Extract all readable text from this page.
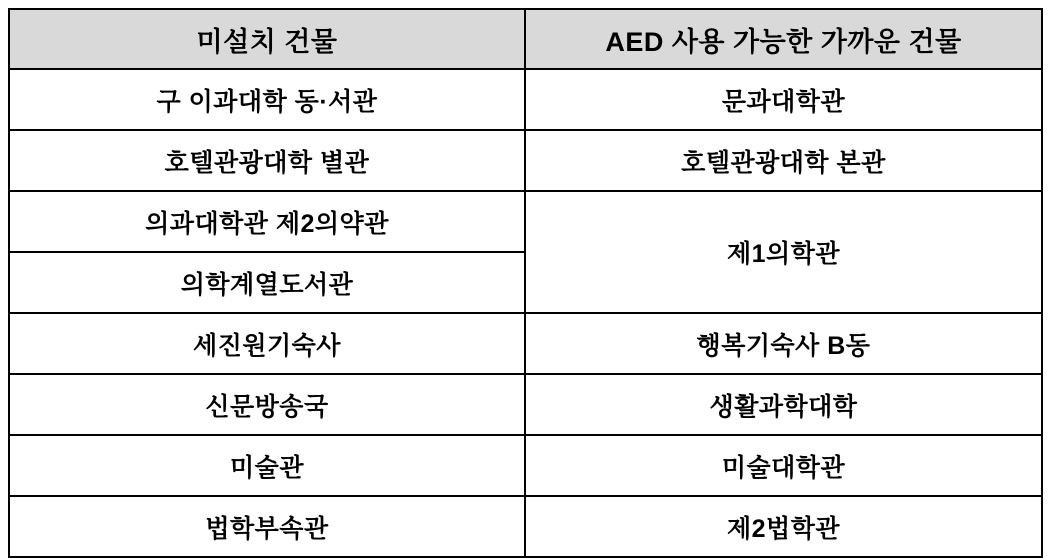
미설치 건물	AED 사용 가능한 가까운 건물
구 이과대학 동·서관	문과대학관
호텔관광대학 별관	호텔관광대학 본관
의과대학관 제2의약관	제1의학관
의학계열도서관	
세진원기숙사	행복기숙사 B동
신문방송국	생활과학대학
미술관	미술대학관
법학부속관	제2법학관
